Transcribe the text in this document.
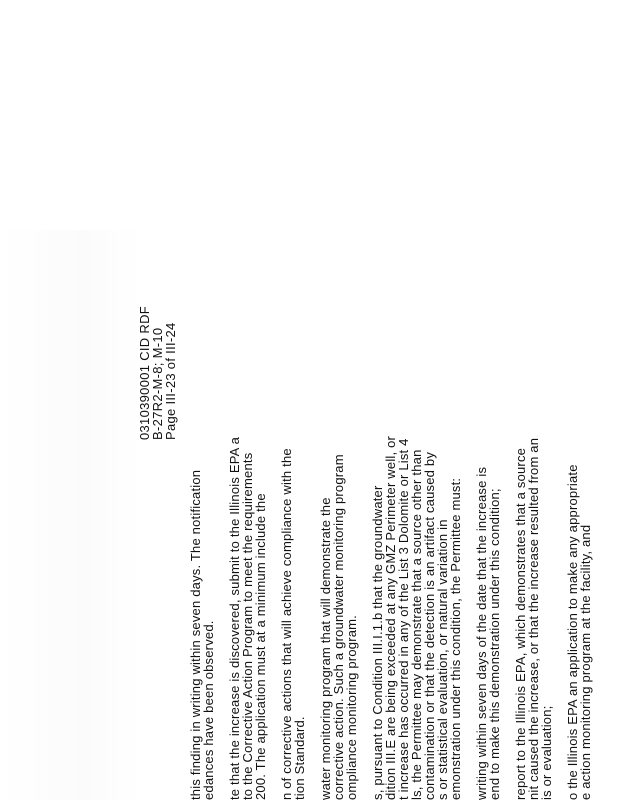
0310390001 CID RDF
B-27R2-M-8; M-10
Page III-23 of III-24
this finding in writing within seven days. The notification
edances have been observed. te that the increase is discovered, submit to the Illinois EPA a
to the Corrective Action Program to meet the requirements
200. The application must at a minimum include the n of corrective actions that will achieve compliance with the
tion Standard. water monitoring program that will demonstrate the
corrective action. Such a groundwater monitoring program
ompliance monitoring program. s, pursuant to Condition III.I.1.b that the groundwater
dition III.E are being exceeded at any GMZ Perimeter well, or
t increase has occurred in any of the List 3 Dolomite or List 4
ls, the Permittee may demonstrate that a source other than
contamination or that the detection is an artifact caused by
s or statistical evaluation, or natural variation in
emonstration under this condition, the Permittee must: writing within seven days of the date that the increase is
end to make this demonstration under this condition; report to the Illinois EPA, which demonstrates that a source
nit caused the increase, or that the increase resulted from an
is or evaluation; o the Illinois EPA an application to make any appropriate
e action monitoring program at the facility, and
